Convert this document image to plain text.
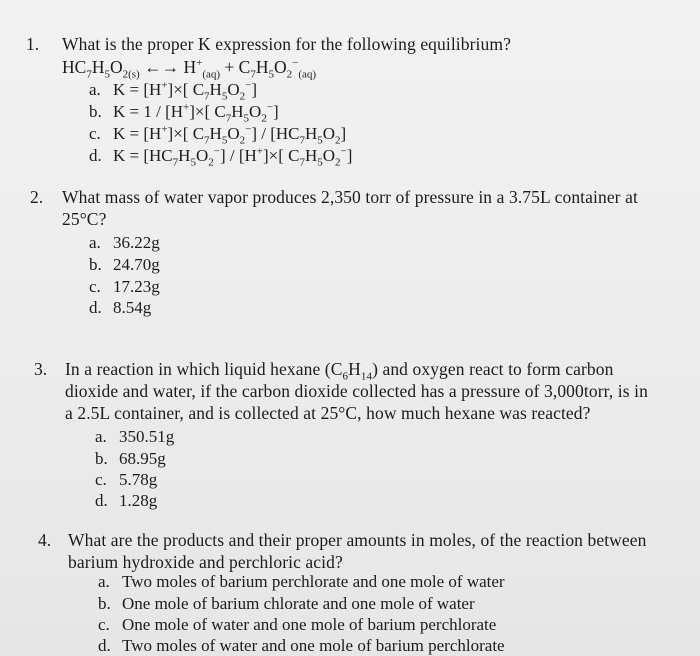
1. What is the proper K expression for the following equilibrium?
$HC_7H_5O_{2(s)}$ ←→ $H^+_{(aq)} + C_7H_5O_2^-_{(aq)}$
a. K = [H+]×[ $C_7H_5O_2^-$]
b. K = 1 / [H+]×[ $C_7H_5O_2^-$]
c. K = [H+]×[ $C_7H_5O_2^-] / [HC_7H_5O_2]$
d. $K = [HC_7H_5O_2^-] / [H^+]\times$[ $C_7H_5O_2^-$]
2. What mass of water vapor produces 2,350 torr of pressure in a 3.75L container at
25°C?
a. 36.22g
b. 24.70g
c. 17.23g
d. 8.54g
3. In a reaction in which liquid hexane $(C_6H_{14})$ and oxygen react to form carbon
dioxide and water, if the carbon dioxide collected has a pressure of 3,000torr, is in
a 2.5L container, and is collected at 25°C, how much hexane was reacted?
a. 350.51g
b. 68.95g
c. 5.78g
d. 1.28g
4. What are the products and their proper amounts in moles, of the reaction between
barium hydroxide and perchloric acid?
a. Two moles of barium perchlorate and one mole of water
b. One mole of barium chlorate and one mole of water
c. One mole of water and one mole of barium perchlorate
d. Two moles of water and one mole of barium perchlorate
